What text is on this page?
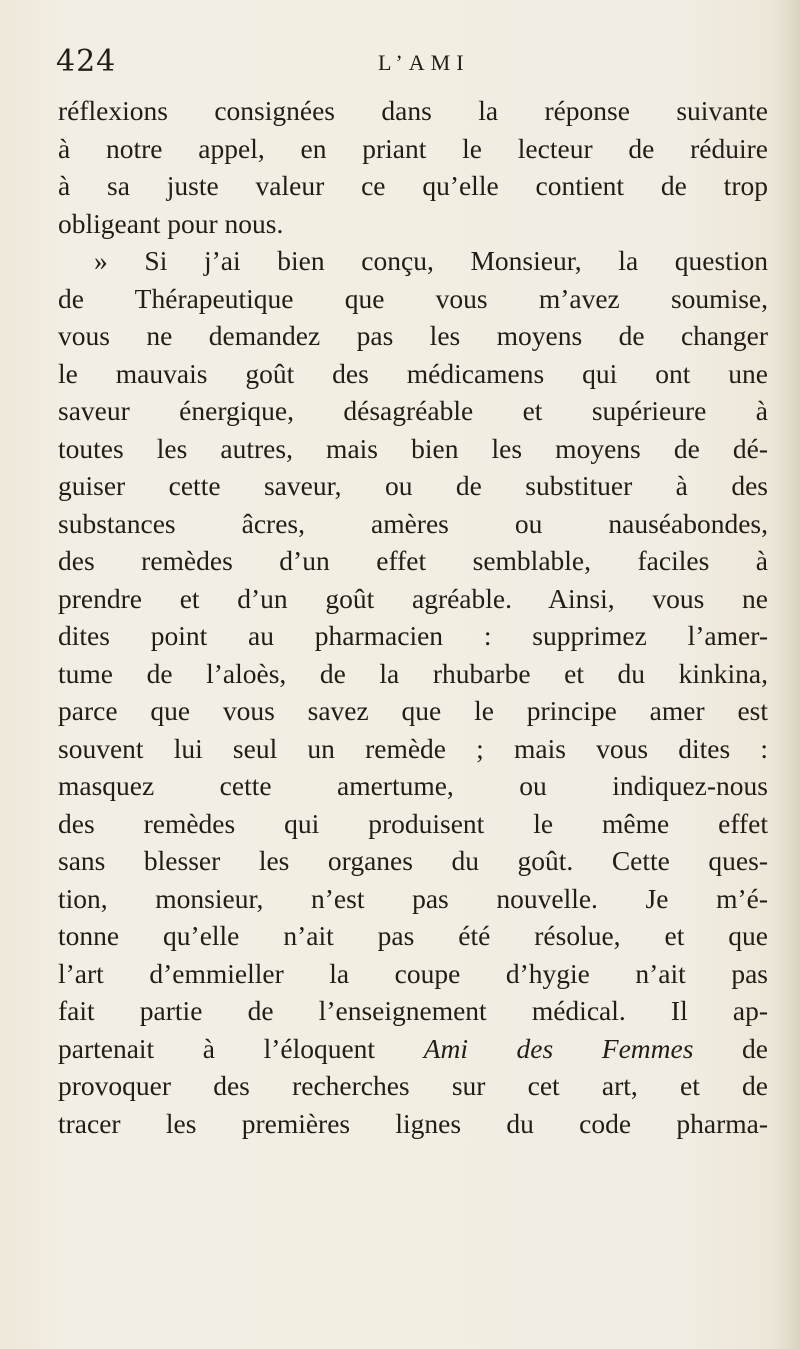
424	L’AMI
réflexions consignées dans la réponse suivante
à notre appel, en priant le lecteur de réduire
à sa juste valeur ce qu’elle contient de trop
obligeant pour nous.
» Si j’ai bien conçu, Monsieur, la question
de Thérapeutique que vous m’avez soumise,
vous ne demandez pas les moyens de changer
le mauvais goût des médicamens qui ont une
saveur énergique, désagréable et supérieure à
toutes les autres, mais bien les moyens de dé-
guiser cette saveur, ou de substituer à des
substances âcres, amères ou nauséabondes,
des remèdes d’un effet semblable, faciles à
prendre et d’un goût agréable. Ainsi, vous ne
dites point au pharmacien : supprimez l’amer-
tume de l’aloès, de la rhubarbe et du kinkina,
parce que vous savez que le principe amer est
souvent lui seul un remède ; mais vous dites :
masquez cette amertume, ou indiquez-nous
des remèdes qui produisent le même effet
sans blesser les organes du goût. Cette ques-
tion, monsieur, n’est pas nouvelle. Je m’é-
tonne qu’elle n’ait pas été résolue, et que
l’art d’emmieller la coupe d’hygie n’ait pas
fait partie de l’enseignement médical. Il ap-
partenait à l’éloquent Ami des Femmes de
provoquer des recherches sur cet art, et de
tracer les premières lignes du code pharma-
